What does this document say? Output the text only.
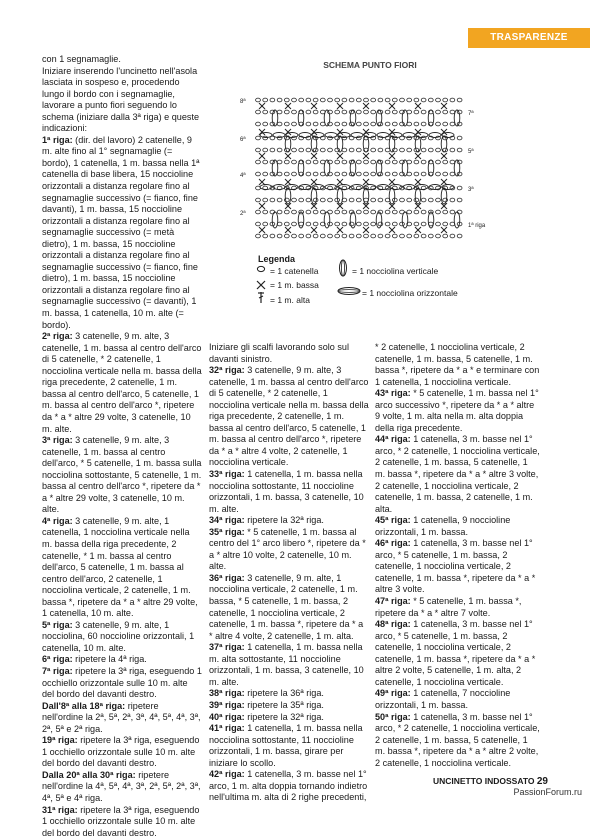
TRASPARENZE

con 1 segnamaglie.

Iniziare inserendo l'uncinetto nell'asola lasciata in sospeso e, procedendo lungo il bordo con i segnamaglie, lavorare a punto fiori seguendo lo schema (iniziare dalla 3ª riga) e queste indicazioni:

1ª riga: (dir. del lavoro) 2 catenelle, 9 m. alte fino al 1° segnamaglie (= bordo), 1 catenella, 1 m. bassa nella 1ª catenella di base libera, 15 noccioline orizzontali a distanza regolare fino al segnamaglie successivo (= fianco, fine davanti), 1 m. bassa, 15 noccioline orizzontali a distanza regolare fino al segnamaglie successivo (= metà dietro), 1 m. bassa, 15 noccioline orizzontali a distanza regolare fino al segnamaglie successivo (= fianco, fine dietro), 1 m. bassa, 15 noccioline orizzontali a distanza regolare fino al segnamaglie successivo (= davanti), 1 m. bassa, 1 catenella, 10 m. alte (= bordo).

2ª riga: 3 catenelle, 9 m. alte, 3 catenelle, 1 m. bassa al centro dell'arco di 5 catenelle, * 2 catenelle, 1 nocciolina verticale nella m. bassa della riga precedente, 2 catenelle, 1 m. bassa al centro dell'arco, 5 catenelle, 1 m. bassa al centro dell'arco *, ripetere da * a * altre 29 volte, 3 catenelle, 10 m. alte.

3ª riga: 3 catenelle, 9 m. alte, 3 catenelle, 1 m. bassa al centro dell'arco, * 5 catenelle, 1 m. bassa sulla nocciolina sottostante, 5 catenelle, 1 m. bassa al centro dell'arco *, ripetere da * a * altre 29 volte, 3 catenelle, 10 m. alte.

4ª riga: 3 catenelle, 9 m. alte, 1 catenella, 1 nocciolina verticale nella m. bassa della riga precedente, 2 catenelle, * 1 m. bassa al centro dell'arco, 5 catenelle, 1 m. bassa al centro dell'arco, 2 catenelle, 1 nocciolina verticale, 2 catenelle, 1 m. bassa *, ripetere da * a * altre 29 volte, 1 catenella, 10 m. alte.

5ª riga: 3 catenelle, 9 m. alte, 1 nocciolina, 60 noccioline orizzontali, 1 catenella, 10 m. alte.

6ª riga: ripetere la 4ª riga.

7ª riga: ripetere la 3ª riga, eseguendo 1 occhiello orizzontale sulle 10 m. alte del bordo del davanti destro.

Dall'8ª alla 18ª riga: ripetere nell'ordine la 2ª, 5ª, 2ª, 3ª, 4ª, 5ª, 4ª, 3ª, 2ª, 5ª e 2ª riga.

19ª riga: ripetere la 3ª riga, eseguendo 1 occhiello orizzontale sulle 10 m. alte del bordo del davanti destro.

Dalla 20ª alla 30ª riga: ripetere nell'ordine la 4ª, 5ª, 4ª, 3ª, 2ª, 5ª, 2ª, 3ª, 4ª, 5ª e 4ª riga.

31ª riga: ripetere la 3ª riga, eseguendo 1 occhiello orizzontale sulle 10 m. alte del bordo del davanti destro.

SCHEMA PUNTO FIORI
8ª
6ª
4ª
2ª
7ª
5ª
3ª
1ª riga
Legenda
= 1 catenella
= 1 m. bassa
= 1 m. alta
= 1 nocciolina verticale
= 1 nocciolina orizzontale

Iniziare gli scalfi lavorando solo sul davanti sinistro.

32ª riga: 3 catenelle, 9 m. alte, 3 catenelle, 1 m. bassa al centro dell'arco di 5 catenelle, * 2 catenelle, 1 nocciolina verticale nella m. bassa della riga precedente, 2 catenelle, 1 m. bassa al centro dell'arco, 5 catenelle, 1 m. bassa al centro dell'arco *, ripetere da * a * altre 4 volte, 2 catenelle, 1 nocciolina verticale.

33ª riga: 1 catenella, 1 m. bassa nella nocciolina sottostante, 11 noccioline orizzontali, 1 m. bassa, 3 catenelle, 10 m. alte.

34ª riga: ripetere la 32ª riga.

35ª riga: * 5 catenelle, 1 m. bassa al centro del 1° arco libero *, ripetere da * a * altre 10 volte, 2 catenelle, 10 m. alte.

36ª riga: 3 catenelle, 9 m. alte, 1 nocciolina verticale, 2 catenelle, 1 m. bassa, * 5 catenelle, 1 m. bassa, 2 catenelle, 1 nocciolina verticale, 2 catenelle, 1 m. bassa *, ripetere da * a * altre 4 volte, 2 catenelle, 1 m. alta.

37ª riga: 1 catenella, 1 m. bassa nella m. alta sottostante, 11 noccioline orizzontali, 1 m. bassa, 3 catenelle, 10 m. alte.

38ª riga: ripetere la 36ª riga.

39ª riga: ripetere la 35ª riga.

40ª riga: ripetere la 32ª riga.

41ª riga: 1 catenella, 1 m. bassa nella nocciolina sottostante, 11 noccioline orizzontali, 1 m. bassa, girare per iniziare lo scollo.

42ª riga: 1 catenella, 3 m. basse nel 1° arco, 1 m. alta doppia tornando indietro nell'ultima m. alta di 2 righe precedenti,

* 2 catenelle, 1 nocciolina verticale, 2 catenelle, 1 m. bassa, 5 catenelle, 1 m. bassa *, ripetere da * a * e terminare con 1 catenella, 1 nocciolina verticale.

43ª riga: * 5 catenelle, 1 m. bassa nel 1° arco successivo *, ripetere da * a * altre 9 volte, 1 m. alta nella m. alta doppia della riga precedente.

44ª riga: 1 catenella, 3 m. basse nel 1° arco, * 2 catenelle, 1 nocciolina verticale, 2 catenelle, 1 m. bassa, 5 catenelle, 1 m. bassa *, ripetere da * a * altre 3 volte, 2 catenelle, 1 nocciolina verticale, 2 catenelle, 1 m. bassa, 2 catenelle, 1 m. alta.

45ª riga: 1 catenella, 9 noccioline orizzontali, 1 m. bassa.

46ª riga: 1 catenella, 3 m. basse nel 1° arco, * 5 catenelle, 1 m. bassa, 2 catenelle, 1 nocciolina verticale, 2 catenelle, 1 m. bassa *, ripetere da * a * altre 3 volte.

47ª riga: * 5 catenelle, 1 m. bassa *, ripetere da * a * altre 7 volte.

48ª riga: 1 catenella, 3 m. basse nel 1° arco, * 5 catenelle, 1 m. bassa, 2 catenelle, 1 nocciolina verticale, 2 catenelle, 1 m. bassa *, ripetere da * a * altre 2 volte, 5 catenelle, 1 m. alta, 2 catenelle, 1 nocciolina verticale.

49ª riga: 1 catenella, 7 noccioline orizzontali, 1 m. bassa.

50ª riga: 1 catenella, 3 m. basse nel 1° arco, * 2 catenelle, 1 nocciolina verticale, 2 catenelle, 1 m. bassa, 5 catenelle, 1 m. bassa *, ripetere da * a * altre 2 volte, 2 catenelle, 1 nocciolina verticale.

UNCINETTO INDOSSATO 29
PassionForum.ru
